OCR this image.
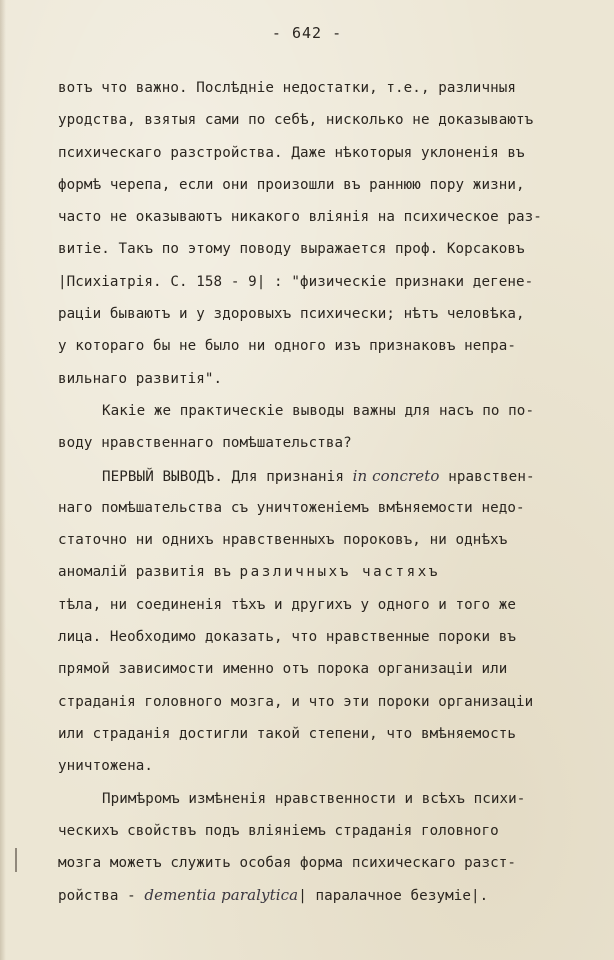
- 642 -
вотъ что важно. Послѣдніе недостатки, т.е., различныя
уродства, взятыя сами по себѣ, нисколько не доказываютъ
психическаго разстройства. Даже нѣкоторыя уклоненія въ
формѣ черепа, если они произошли въ раннюю пору жизни,
часто не оказываютъ никакого вліянія на психическое раз-
витіе. Такъ по этому поводу выражается проф. Корсаковъ
|Психіатрія. С. 158 - 9| : "физическіе признаки дегене-
раціи бываютъ и у здоровыхъ психически; нѣтъ человѣка,
у котораго бы не было ни одного изъ признаковъ непра-
вильнаго развитія".
Какіе же практическіе выводы важны для насъ по по-
воду нравственнаго помѣшательства?
ПЕРВЫЙ ВЫВОДЪ. Для признанія in concreto нравствен-
наго помѣшательства съ уничтоженіемъ вмѣняемости недо-
статочно ни однихъ нравственныхъ пороковъ, ни однѣхъ
аномалій развитія въ различныхъ частяхъ
тѣла, ни соединенія тѣхъ и другихъ у одного и того же
лица. Необходимо доказать, что нравственные пороки въ
прямой зависимости именно отъ порока организаціи или
страданія головного мозга, и что эти пороки организаціи
или страданія достигли такой степени, что вмѣняемость
уничтожена.
Примѣромъ измѣненія нравственности и всѣхъ психи-
ческихъ свойствъ подъ вліяніемъ страданія головного
мозга можетъ служить особая форма психическаго разст-
ройства - dementia paralytica| паралачное безуміе|.
